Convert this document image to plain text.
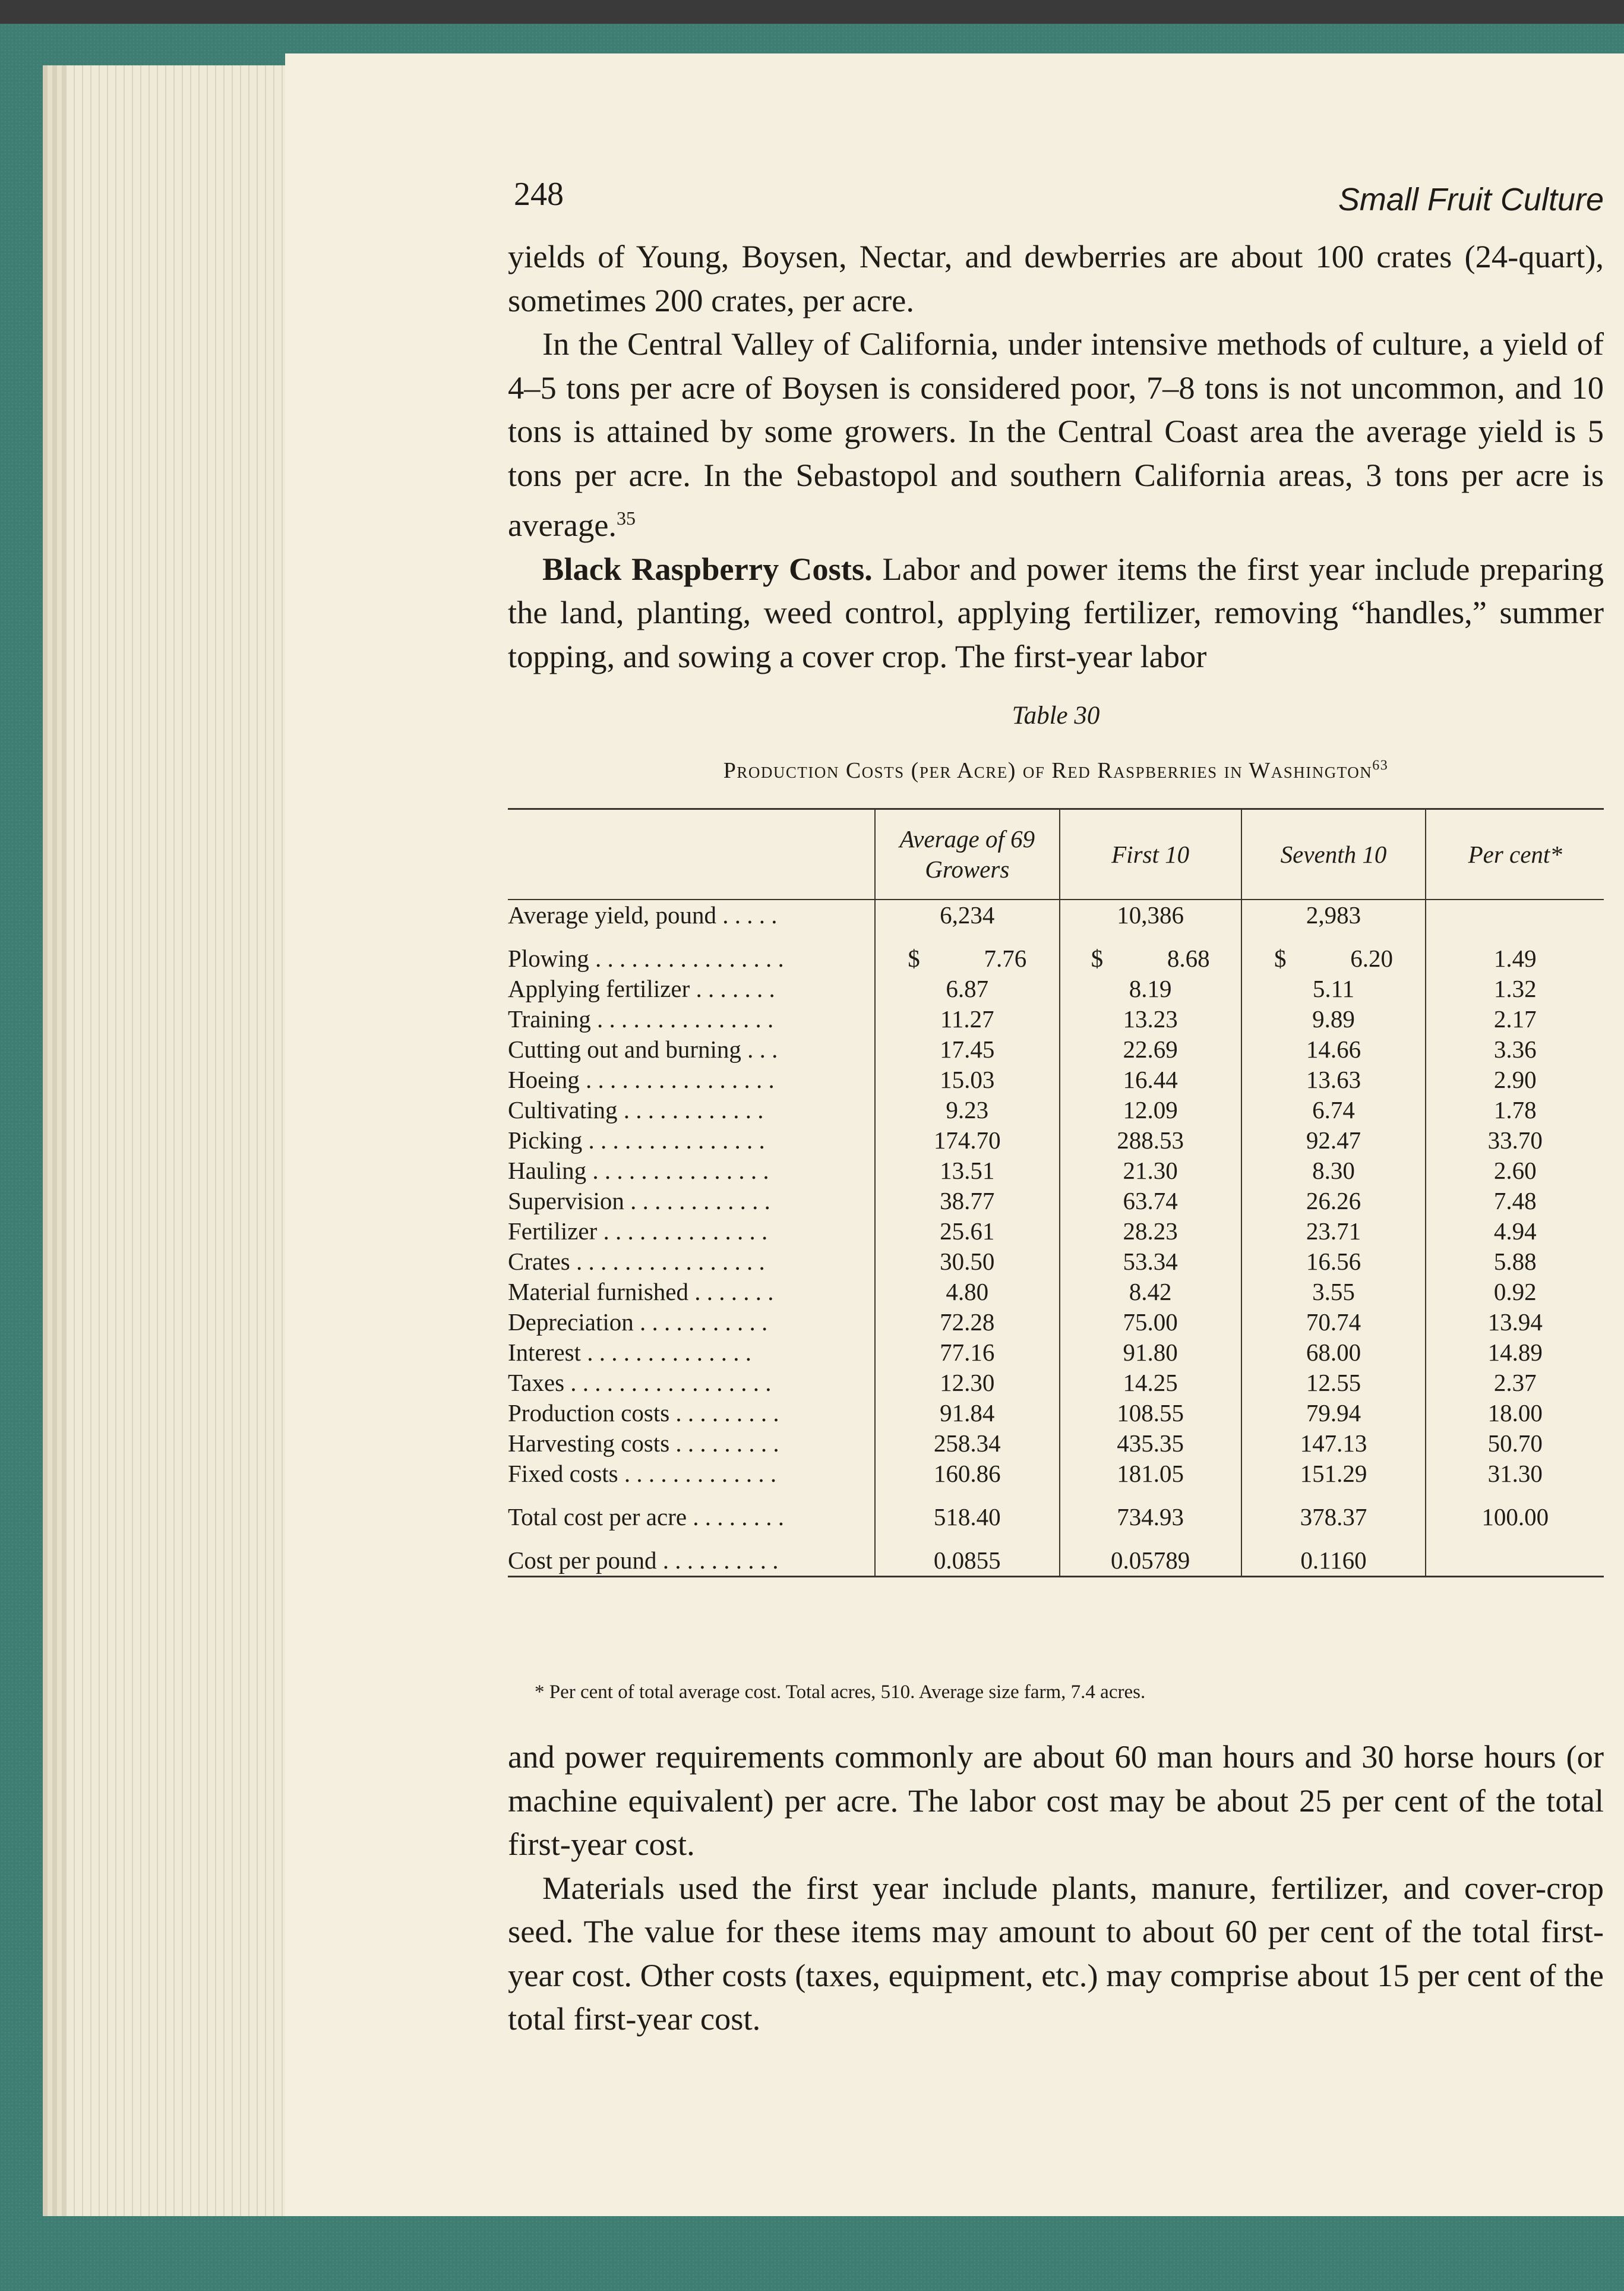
248	Small Fruit Culture

yields of Young, Boysen, Nectar, and dewberries are about 100 crates (24-quart), sometimes 200 crates, per acre.

In the Central Valley of California, under intensive methods of culture, a yield of 4–5 tons per acre of Boysen is considered poor, 7–8 tons is not uncommon, and 10 tons is attained by some growers. In the Central Coast area the average yield is 5 tons per acre. In the Sebastopol and southern California areas, 3 tons per acre is average.$^{35}$

Black Raspberry Costs. Labor and power items the first year include preparing the land, planting, weed control, applying fertilizer, removing “handles,” summer topping, and sowing a cover crop. The first-year labor

Table 30
Production Costs (per Acre) of Red Raspberries in Washington$^{63}$
	Average of 69 Growers	First 10	Seventh 10	Per cent*
Average yield, pound . . . . .	6,234	10,386	2,983	

Plowing . . . . . . . . . . . . . . . .	$ 7.76	$ 8.68	$ 6.20	1.49
Applying fertilizer . . . . . . .	6.87	8.19	5.11	1.32
Training . . . . . . . . . . . . . . .	11.27	13.23	9.89	2.17
Cutting out and burning . . .	17.45	22.69	14.66	3.36
Hoeing . . . . . . . . . . . . . . . .	15.03	16.44	13.63	2.90
Cultivating . . . . . . . . . . . .	9.23	12.09	6.74	1.78
Picking . . . . . . . . . . . . . . .	174.70	288.53	92.47	33.70
Hauling . . . . . . . . . . . . . . .	13.51	21.30	8.30	2.60
Supervision . . . . . . . . . . . .	38.77	63.74	26.26	7.48
Fertilizer . . . . . . . . . . . . . .	25.61	28.23	23.71	4.94
Crates . . . . . . . . . . . . . . . .	30.50	53.34	16.56	5.88
Material furnished . . . . . . .	4.80	8.42	3.55	0.92
Depreciation . . . . . . . . . . .	72.28	75.00	70.74	13.94
Interest . . . . . . . . . . . . . .	77.16	91.80	68.00	14.89
Taxes . . . . . . . . . . . . . . . . .	12.30	14.25	12.55	2.37
Production costs . . . . . . . . .	91.84	108.55	79.94	18.00
Harvesting costs . . . . . . . . .	258.34	435.35	147.13	50.70
Fixed costs . . . . . . . . . . . . .	160.86	181.05	151.29	31.30

Total cost per acre . . . . . . . .	518.40	734.93	378.37	100.00

Cost per pound . . . . . . . . . .	0.0855	0.05789	0.1160	
* Per cent of total average cost. Total acres, 510. Average size farm, 7.4 acres.

and power requirements commonly are about 60 man hours and 30 horse hours (or machine equivalent) per acre. The labor cost may be about 25 per cent of the total first-year cost.

Materials used the first year include plants, manure, fertilizer, and cover-crop seed. The value for these items may amount to about 60 per cent of the total first-year cost. Other costs (taxes, equipment, etc.) may comprise about 15 per cent of the total first-year cost.
